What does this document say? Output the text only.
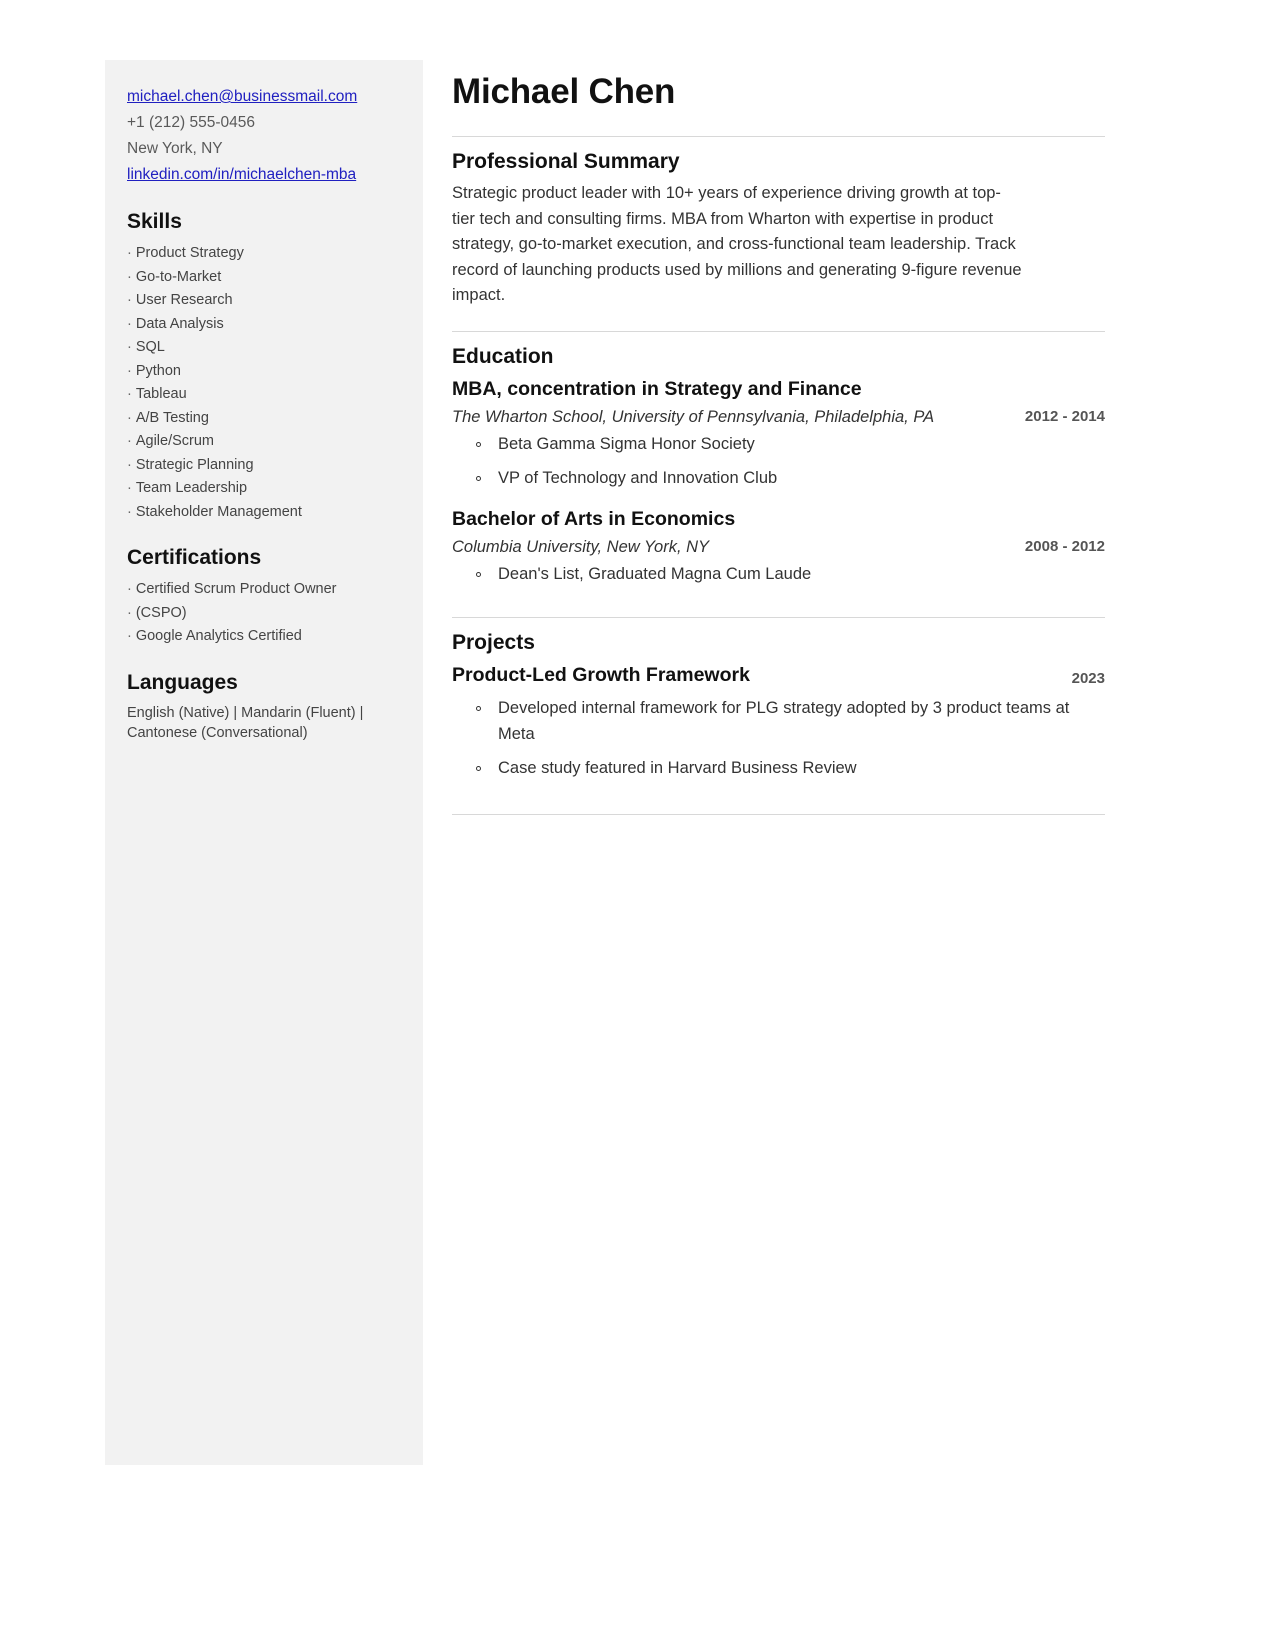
michael.chen@businessmail.com
+1 (212) 555-0456
New York, NY
linkedin.com/in/michaelchen-mba
Skills
· Product Strategy
· Go-to-Market
· User Research
· Data Analysis
· SQL
· Python
· Tableau
· A/B Testing
· Agile/Scrum
· Strategic Planning
· Team Leadership
· Stakeholder Management
Certifications
· Certified Scrum Product Owner
· (CSPO)
· Google Analytics Certified
Languages
English (Native) | Mandarin (Fluent) | Cantonese (Conversational)
Michael Chen
Professional Summary

Strategic product leader with 10+ years of experience driving growth at top-tier tech and consulting firms. MBA from Wharton with expertise in product strategy, go-to-market execution, and cross-functional team leadership. Track record of launching products used by millions and generating 9-figure revenue impact.

Education
MBA, concentration in Strategy and Finance
The Wharton School, University of Pennsylvania, Philadelphia, PA	2012 - 2014
Beta Gamma Sigma Honor Society
VP of Technology and Innovation Club
Bachelor of Arts in Economics
Columbia University, New York, NY	2008 - 2012
Dean's List, Graduated Magna Cum Laude
Projects
Product-Led Growth Framework	2023
Developed internal framework for PLG strategy adopted by 3 product teams at Meta
Case study featured in Harvard Business Review
